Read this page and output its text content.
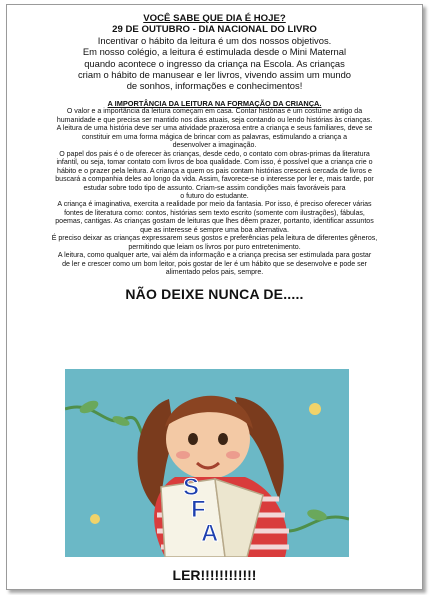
VOCÊ SABE QUE DIA É HOJE?
29 DE OUTUBRO - DIA NACIONAL DO LIVRO
Incentivar o hábito da leitura é um dos nossos objetivos.
Em nosso colégio, a leitura é estimulada desde o Mini Maternal
quando acontece o ingresso da criança na Escola. As crianças
criam o hábito de manusear e ler livros, vivendo assim um mundo
de sonhos, informações e conhecimentos!
A IMPORTÂNCIA DA LEITURA NA FORMAÇÃO DA CRIANÇA.
O valor e a importância da leitura começam em casa. Contar histórias é um costume antigo da
humanidade e que precisa ser mantido nos dias atuais, seja contando ou lendo histórias às crianças.
A leitura de uma história deve ser uma atividade prazerosa entre a criança e seus familiares, deve se
constituir em uma forma mágica de brincar com as palavras, estimulando a criança a
desenvolver a imaginação.
O papel dos pais é o de oferecer às crianças, desde cedo, o contato com obras-primas da literatura
infantil, ou seja, tomar contato com livros de boa qualidade. Com isso, é possível que a criança crie o
hábito e o prazer pela leitura. A criança a quem os pais contam histórias crescerá cercada de livros e
buscará a companhia deles ao longo da vida. Assim, favorece-se o interesse por ler e, mais tarde, por
estudar sobre todo tipo de assunto. Criam-se assim condições mais favoráveis para
o futuro do estudante.
A criança é imaginativa, exercita a realidade por meio da fantasia. Por isso, é preciso oferecer várias
fontes de literatura como: contos, histórias sem texto escrito (somente com ilustrações), fábulas,
poemas, cantigas. As crianças gostam de leituras que lhes dêem prazer, portanto, identificar assuntos
que as interesse é sempre uma boa alternativa.
É preciso deixar as crianças expressarem seus gostos e preferências pela leitura de diferentes gêneros,
permitindo que leiam os livros por puro entretenimento.
A leitura, como qualquer arte, vai além da informação e a criança precisa ser estimulada para gostar
de ler e crescer como um bom leitor, pois gostar de ler é um hábito que se desenvolve e pode ser
alimentado pelos pais, sempre.
NÃO DEIXE NUNCA DE.....
S
F
A
LER!!!!!!!!!!!!
